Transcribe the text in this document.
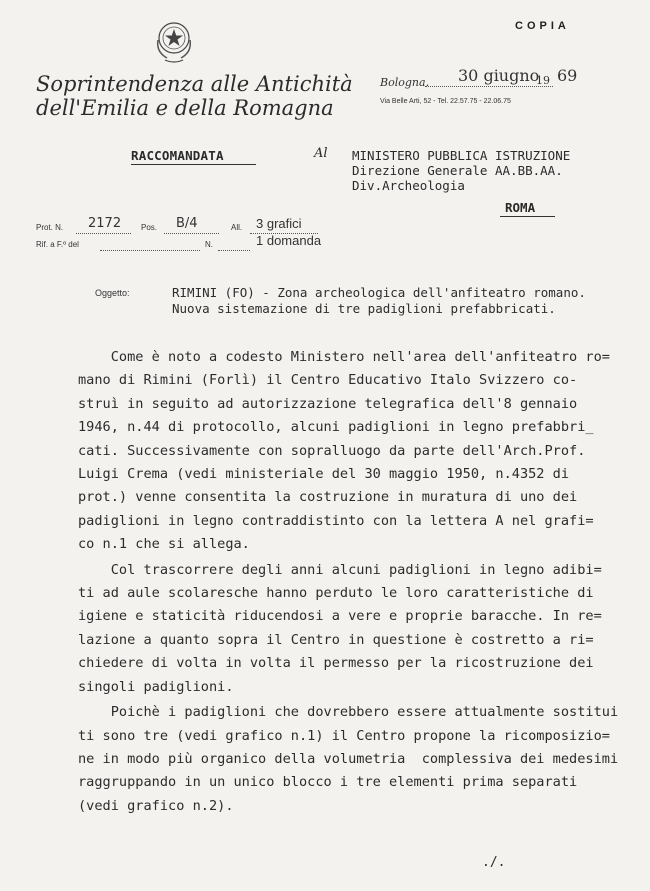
COPIA
Soprintendenza alle Antichità
dell'Emilia e della Romagna
Bologna, 30 giugno
19 69
Via Belle Arti, 52 - Tel. 22.57.75 - 22.06.75
RACCOMANDATA	Al MINISTERO PUBBLICA ISTRUZIONE
Direzione Generale AA.BB.AA.
Div.Archeologia
ROMA
Prot. N. 2172 Pos. B/4	All. 3 grafici
1 domanda
Rif. a F.º del	N.
Oggetto:	RIMINI (FO) - Zona archeologica dell'anfiteatro romano.
Nuova sistemazione di tre padiglioni prefabbricati.

Come è noto a codesto Ministero nell'area dell'anfiteatro ro=

mano di Rimini (Forlì) il Centro Educativo Italo Svizzero co-

struì in seguito ad autorizzazione telegrafica dell'8 gennaio

1946, n.44 di protocollo, alcuni padiglioni in legno prefabbri_

cati. Successivamente con sopralluogo da parte dell'Arch.Prof.

Luigi Crema (vedi ministeriale del 30 maggio 1950, n.4352 di

prot.) venne consentita la costruzione in muratura di uno dei

padiglioni in legno contraddistinto con la lettera A nel grafi=

co n.1 che si allega.

Col trascorrere degli anni alcuni padiglioni in legno adibi=

ti ad aule scolaresche hanno perduto le loro caratteristiche di

igiene e staticità riducendosi a vere e proprie baracche. In re=

lazione a quanto sopra il Centro in questione è costretto a ri=

chiedere di volta in volta il permesso per la ricostruzione dei

singoli padiglioni.

Poichè i padiglioni che dovrebbero essere attualmente sostitui

ti sono tre (vedi grafico n.1) il Centro propone la ricomposizio=

ne in modo più organico della volumetria  complessiva dei medesimi

raggruppando in un unico blocco i tre elementi prima separati

(vedi grafico n.2).

./.
